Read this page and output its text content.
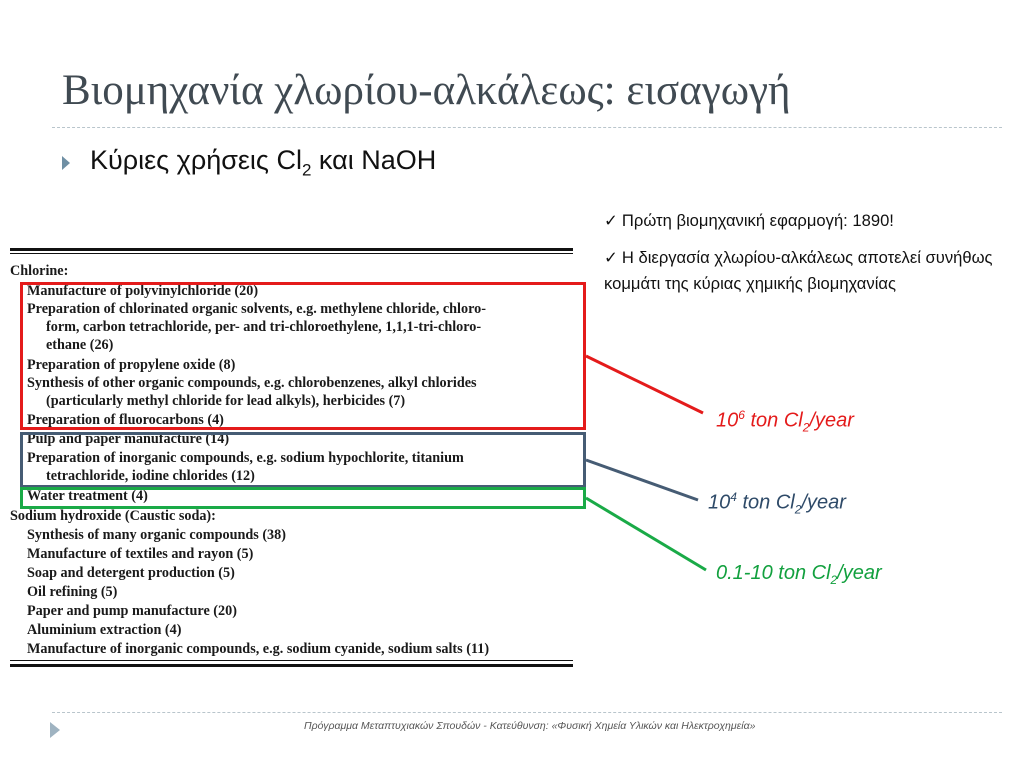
Βιομηχανία χλωρίου-αλκάλεως: εισαγωγή
Κύριες χρήσεις $Cl_2$ και NaOH
Chlorine:
Manufacture of polyvinylchloride (20)
Preparation of chlorinated organic solvents, e.g. methylene chloride, chloro-
form, carbon tetrachloride, per- and tri-chloroethylene, 1,1,1-tri-chloro-
ethane (26)
Preparation of propylene oxide (8)
Synthesis of other organic compounds, e.g. chlorobenzenes, alkyl chlorides
(particularly methyl chloride for lead alkyls), herbicides (7)
Preparation of fluorocarbons (4)
Pulp and paper manufacture (14)
Preparation of inorganic compounds, e.g. sodium hypochlorite, titanium
tetrachloride, iodine chlorides (12)
Water treatment (4)
Sodium hydroxide (Caustic soda):
Synthesis of many organic compounds (38)
Manufacture of textiles and rayon (5)
Soap and detergent production (5)
Oil refining (5)
Paper and pump manufacture (20)
Aluminium extraction (4)
Manufacture of inorganic compounds, e.g. sodium cyanide, sodium salts (11)
✓ Πρώτη βιομηχανική εφαρμογή: 1890!
✓ Η διεργασία χλωρίου-αλκάλεως αποτελεί συνήθως κομμάτι της κύριας χημικής βιομηχανίας
$10^6$ ton $Cl_2$/year
$10^4$ ton $Cl_2$/year
0.1-10 ton $Cl_2$/year
Πρόγραμμα Μεταπτυχιακών Σπουδών - Κατεύθυνση: «Φυσική Χημεία Υλικών και Ηλεκτροχημεία»
